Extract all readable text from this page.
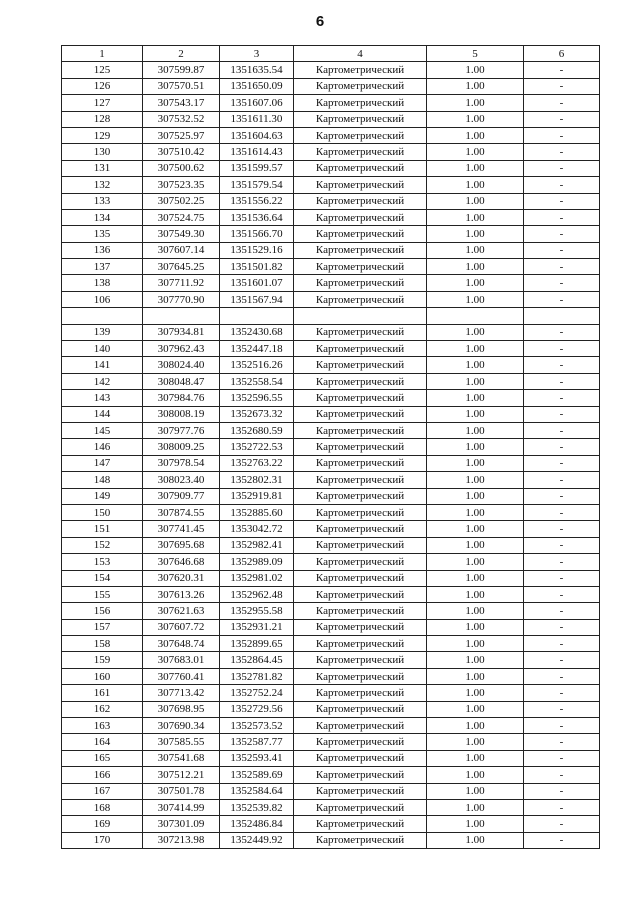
6
1	2	3	4	5	6
125	307599.87	1351635.54	Картометрический	1.00	-
126	307570.51	1351650.09	Картометрический	1.00	-
127	307543.17	1351607.06	Картометрический	1.00	-
128	307532.52	1351611.30	Картометрический	1.00	-
129	307525.97	1351604.63	Картометрический	1.00	-
130	307510.42	1351614.43	Картометрический	1.00	-
131	307500.62	1351599.57	Картометрический	1.00	-
132	307523.35	1351579.54	Картометрический	1.00	-
133	307502.25	1351556.22	Картометрический	1.00	-
134	307524.75	1351536.64	Картометрический	1.00	-
135	307549.30	1351566.70	Картометрический	1.00	-
136	307607.14	1351529.16	Картометрический	1.00	-
137	307645.25	1351501.82	Картометрический	1.00	-
138	307711.92	1351601.07	Картометрический	1.00	-
106	307770.90	1351567.94	Картометрический	1.00	-

139	307934.81	1352430.68	Картометрический	1.00	-
140	307962.43	1352447.18	Картометрический	1.00	-
141	308024.40	1352516.26	Картометрический	1.00	-
142	308048.47	1352558.54	Картометрический	1.00	-
143	307984.76	1352596.55	Картометрический	1.00	-
144	308008.19	1352673.32	Картометрический	1.00	-
145	307977.76	1352680.59	Картометрический	1.00	-
146	308009.25	1352722.53	Картометрический	1.00	-
147	307978.54	1352763.22	Картометрический	1.00	-
148	308023.40	1352802.31	Картометрический	1.00	-
149	307909.77	1352919.81	Картометрический	1.00	-
150	307874.55	1352885.60	Картометрический	1.00	-
151	307741.45	1353042.72	Картометрический	1.00	-
152	307695.68	1352982.41	Картометрический	1.00	-
153	307646.68	1352989.09	Картометрический	1.00	-
154	307620.31	1352981.02	Картометрический	1.00	-
155	307613.26	1352962.48	Картометрический	1.00	-
156	307621.63	1352955.58	Картометрический	1.00	-
157	307607.72	1352931.21	Картометрический	1.00	-
158	307648.74	1352899.65	Картометрический	1.00	-
159	307683.01	1352864.45	Картометрический	1.00	-
160	307760.41	1352781.82	Картометрический	1.00	-
161	307713.42	1352752.24	Картометрический	1.00	-
162	307698.95	1352729.56	Картометрический	1.00	-
163	307690.34	1352573.52	Картометрический	1.00	-
164	307585.55	1352587.77	Картометрический	1.00	-
165	307541.68	1352593.41	Картометрический	1.00	-
166	307512.21	1352589.69	Картометрический	1.00	-
167	307501.78	1352584.64	Картометрический	1.00	-
168	307414.99	1352539.82	Картометрический	1.00	-
169	307301.09	1352486.84	Картометрический	1.00	-
170	307213.98	1352449.92	Картометрический	1.00	-
